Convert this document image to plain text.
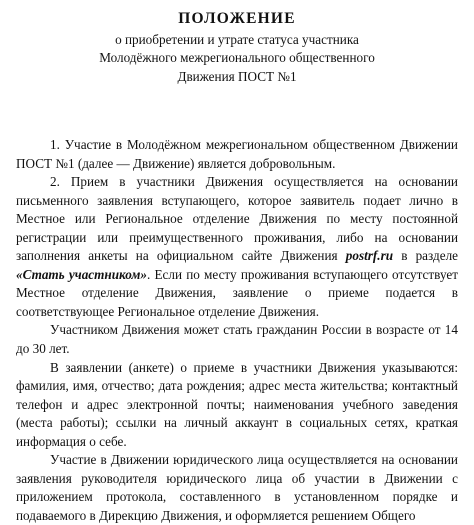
ПОЛОЖЕНИЕ
о приобретении и утрате статуса участника
Молодёжного межрегионального общественного
Движения ПОСТ №1

1. Участие в Молодёжном межрегиональном общественном Движении ПОСТ №1 (далее — Движение) является добровольным.

2. Прием в участники Движения осуществляется на основании письменного заявления вступающего, которое заявитель подает лично в Местное или Региональное отделение Движения по месту постоянной регистрации или преимущественного проживания, либо на основании заполнения анкеты на официальном сайте Движения postrf.ru в разделе «Стать участником». Если по месту проживания вступающего отсутствует Местное отделение Движения, заявление о приеме подается в соответствующее Региональное отделение Движения.

Участником Движения может стать гражданин России в возрасте от 14 до 30 лет.

В заявлении (анкете) о приеме в участники Движения указываются: фамилия, имя, отчество; дата рождения; адрес места жительства; контактный телефон и адрес электронной почты; наименования учебного заведения (места работы); ссылки на личный аккаунт в социальных сетях, краткая информация о себе.

Участие в Движении юридического лица осуществляется на основании заявления руководителя юридического лица об участии в Движении с приложением протокола, составленного в установленном порядке и подаваемого в Дирекцию Движения, и оформляется решением Общего
